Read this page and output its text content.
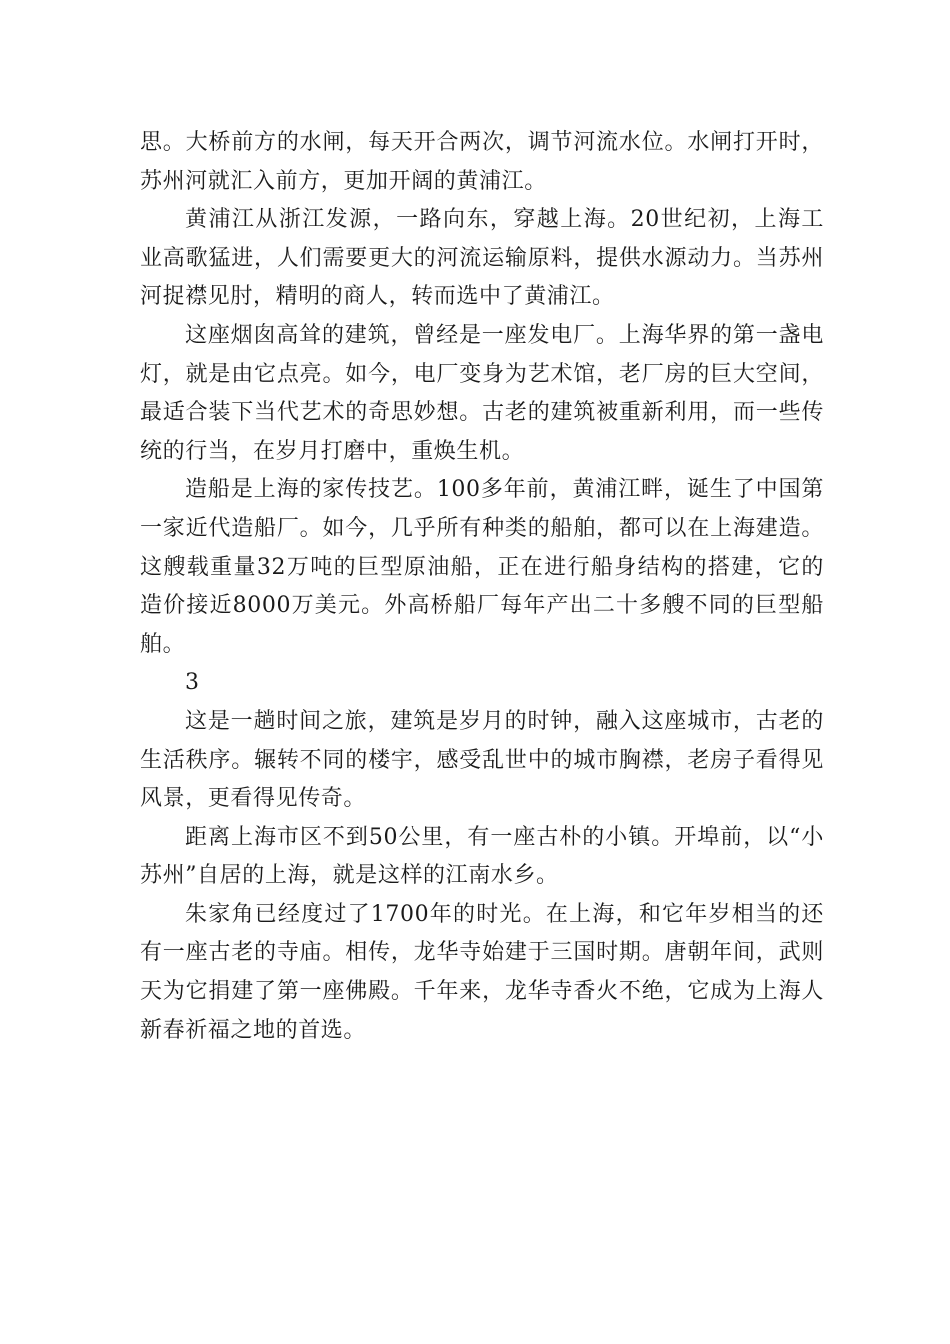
思。大桥前方的水闸，每天开合两次，调节河流水位。水闸打开时，苏州河就汇入前方，更加开阔的黄浦江。

黄浦江从浙江发源，一路向东，穿越上海。20世纪初，上海工业高歌猛进，人们需要更大的河流运输原料，提供水源动力。当苏州河捉襟见肘，精明的商人，转而选中了黄浦江。

这座烟囱高耸的建筑，曾经是一座发电厂。上海华界的第一盏电灯，就是由它点亮。如今，电厂变身为艺术馆，老厂房的巨大空间，最适合装下当代艺术的奇思妙想。古老的建筑被重新利用，而一些传统的行当，在岁月打磨中，重焕生机。

造船是上海的家传技艺。100多年前，黄浦江畔，诞生了中国第一家近代造船厂。如今，几乎所有种类的船舶，都可以在上海建造。这艘载重量32万吨的巨型原油船，正在进行船身结构的搭建，它的造价接近8000万美元。外高桥船厂每年产出二十多艘不同的巨型船舶。

3

这是一趟时间之旅，建筑是岁月的时钟，融入这座城市，古老的生活秩序。辗转不同的楼宇，感受乱世中的城市胸襟，老房子看得见风景，更看得见传奇。

距离上海市区不到50公里，有一座古朴的小镇。开埠前，以“小苏州”自居的上海，就是这样的江南水乡。

朱家角已经度过了1700年的时光。在上海，和它年岁相当的还有一座古老的寺庙。相传，龙华寺始建于三国时期。唐朝年间，武则天为它捐建了第一座佛殿。千年来，龙华寺香火不绝，它成为上海人新春祈福之地的首选。
